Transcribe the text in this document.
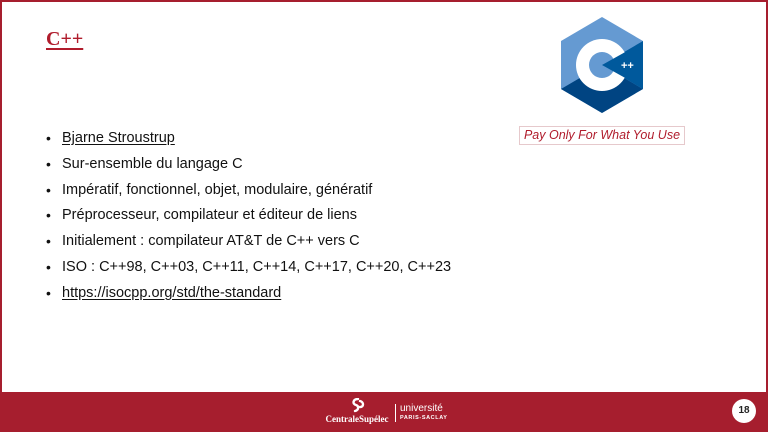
C++
++
Pay Only For What You Use
• Bjarne Stroustrup
• Sur-ensemble du langage C
• Impératif, fonctionnel, objet, modulaire, génératif
• Préprocesseur, compilateur et éditeur de liens
• Initialement : compilateur AT&T de C++ vers C
• ISO : C++98, C++03, C++11, C++14, C++17, C++20, C++23
• https://isocpp.org/std/the-standard
CentraleSupélec
université
PARIS-SACLAY
18
